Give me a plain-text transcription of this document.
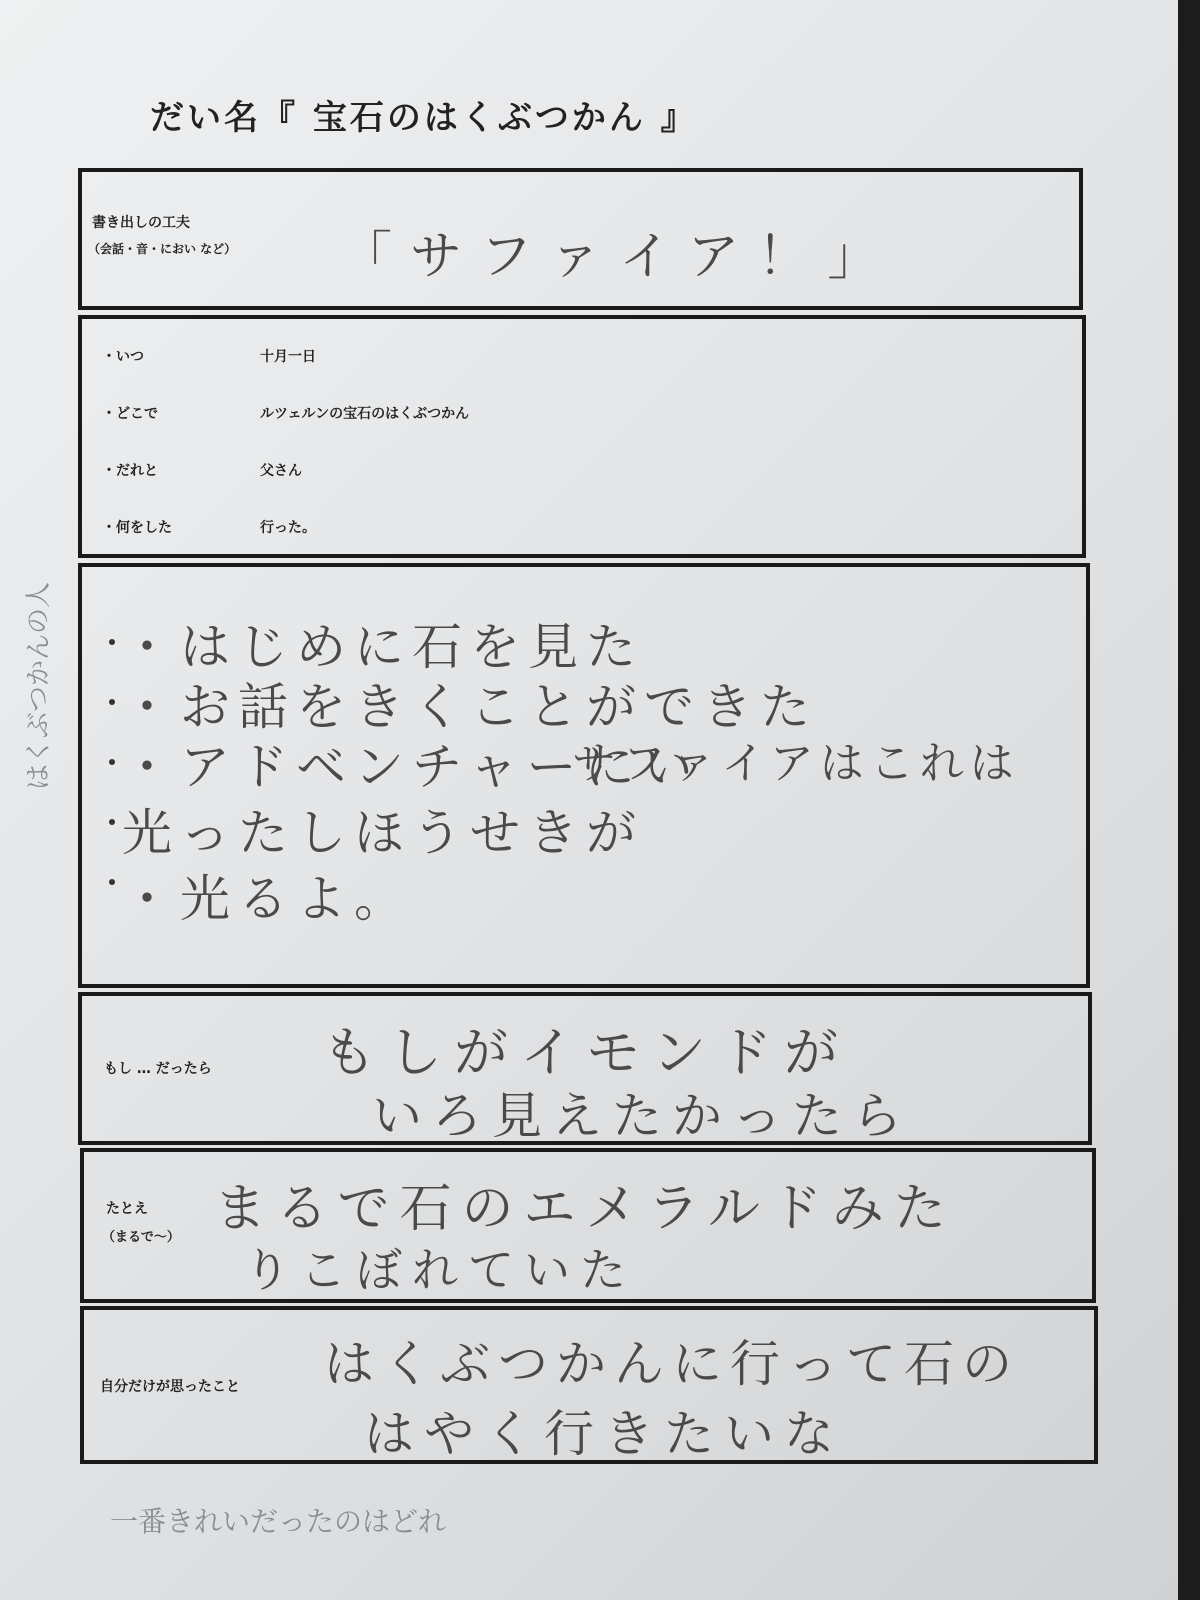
だい名『 宝石のはくぶつかん 』
書き出しの工夫
（会話・音・におい など） 「サファイア！」
・いつ	十月一日
・どこで	ルツェルンの宝石のはくぶつかん
・だれと	父さん
・何をした	行った。
・はじめに石を見た
・お話をきくことができた
・アドベンチャーにい
サファイアはこれは
光ったしほうせきが
・光るよ。
もし … だったら もしがイモンドが
いろ見えたかったら
たとえ
（まるで～） まるで石のエメラルドみた
りこぼれていた
自分だけが思ったこと はくぶつかんに行って石の
はやく行きたいな
はくぶつかんの人
一番きれいだったのはどれ
